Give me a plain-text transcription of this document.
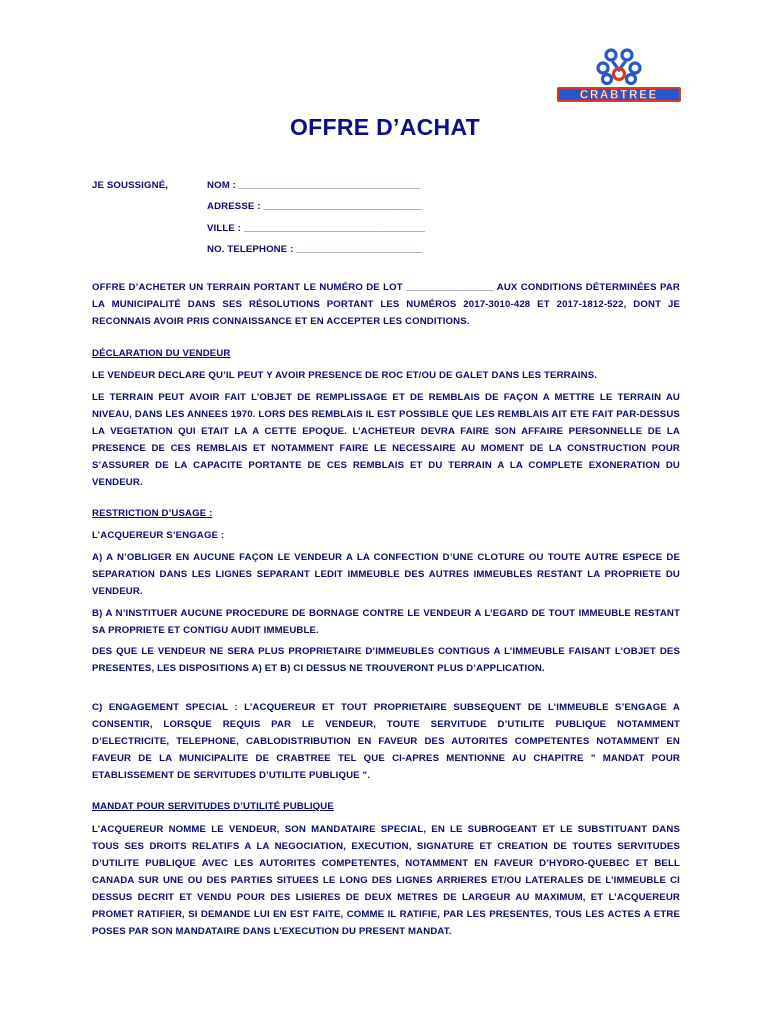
CRABTREE
OFFRE D’ACHAT
JE SOUSSIGNÉ,	NOM : _________________________________
ADRESSE : _____________________________
VILLE : _________________________________
NO. TELEPHONE : _______________________

OFFRE D’ACHETER UN TERRAIN PORTANT LE NUMÉRO DE LOT ________________ AUX CONDITIONS DÉTERMINÉES PAR LA MUNICIPALITÉ DANS SES RÉSOLUTIONS PORTANT LES NUMÉROS 2017-3010-428 ET 2017-1812-522, DONT JE RECONNAIS AVOIR PRIS CONNAISSANCE ET EN ACCEPTER LES CONDITIONS.

DÉCLARATION DU VENDEUR

LE VENDEUR DECLARE QU’IL PEUT Y AVOIR PRESENCE DE ROC ET/OU DE GALET DANS LES TERRAINS.

LE TERRAIN PEUT AVOIR FAIT L’OBJET DE REMPLISSAGE ET DE REMBLAIS DE FAÇON A METTRE LE TERRAIN AU NIVEAU, DANS LES ANNEES 1970. LORS DES REMBLAIS IL EST POSSIBLE QUE LES REMBLAIS AIT ETE FAIT PAR-DESSUS LA VEGETATION QUI ETAIT LA A CETTE EPOQUE. L’ACHETEUR DEVRA FAIRE SON AFFAIRE PERSONNELLE DE LA PRESENCE DE CES REMBLAIS ET NOTAMMENT FAIRE LE NECESSAIRE AU MOMENT DE LA CONSTRUCTION POUR S’ASSURER DE LA CAPACITE PORTANTE DE CES REMBLAIS ET DU TERRAIN A LA COMPLETE EXONERATION DU VENDEUR.

RESTRICTION D’USAGE :

L’ACQUEREUR S’ENGAGE :

A) A N’OBLIGER EN AUCUNE FAÇON LE VENDEUR A LA CONFECTION D’UNE CLOTURE OU TOUTE AUTRE ESPECE DE SEPARATION DANS LES LIGNES SEPARANT LEDIT IMMEUBLE DES AUTRES IMMEUBLES RESTANT LA PROPRIETE DU VENDEUR.

B) A N’INSTITUER AUCUNE PROCEDURE DE BORNAGE CONTRE LE VENDEUR A L’EGARD DE TOUT IMMEUBLE RESTANT SA PROPRIETE ET CONTIGU AUDIT IMMEUBLE.

DES QUE LE VENDEUR NE SERA PLUS PROPRIETAIRE D’IMMEUBLES CONTIGUS A L’IMMEUBLE FAISANT L’OBJET DES PRESENTES, LES DISPOSITIONS A) ET B) CI DESSUS NE TROUVERONT PLUS D’APPLICATION.

C) ENGAGEMENT SPECIAL : L’ACQUEREUR ET TOUT PROPRIETAIRE SUBSEQUENT DE L’IMMEUBLE S’ENGAGE A CONSENTIR, LORSQUE REQUIS PAR LE VENDEUR, TOUTE SERVITUDE D’UTILITE PUBLIQUE NOTAMMENT D’ELECTRICITE, TELEPHONE, CABLODISTRIBUTION EN FAVEUR DES AUTORITES COMPETENTES NOTAMMENT EN FAVEUR DE LA MUNICIPALITE DE CRABTREE TEL QUE CI-APRES MENTIONNE AU CHAPITRE " MANDAT POUR ETABLISSEMENT DE SERVITUDES D’UTILITE PUBLIQUE ".

MANDAT POUR SERVITUDES D’UTILITÉ PUBLIQUE

L’ACQUEREUR NOMME LE VENDEUR, SON MANDATAIRE SPECIAL, EN LE SUBROGEANT ET LE SUBSTITUANT DANS TOUS SES DROITS RELATIFS A LA NEGOCIATION, EXECUTION, SIGNATURE ET CREATION DE TOUTES SERVITUDES D’UTILITE PUBLIQUE AVEC LES AUTORITES COMPETENTES, NOTAMMENT EN FAVEUR D’HYDRO-QUEBEC ET BELL CANADA SUR UNE OU DES PARTIES SITUEES LE LONG DES LIGNES ARRIERES ET/OU LATERALES DE L’IMMEUBLE CI DESSUS DECRIT ET VENDU POUR DES LISIERES DE DEUX METRES DE LARGEUR AU MAXIMUM, ET L’ACQUEREUR PROMET RATIFIER, SI DEMANDE LUI EN EST FAITE, COMME IL RATIFIE, PAR LES PRESENTES, TOUS LES ACTES A ETRE POSES PAR SON MANDATAIRE DANS L’EXECUTION DU PRESENT MANDAT.
